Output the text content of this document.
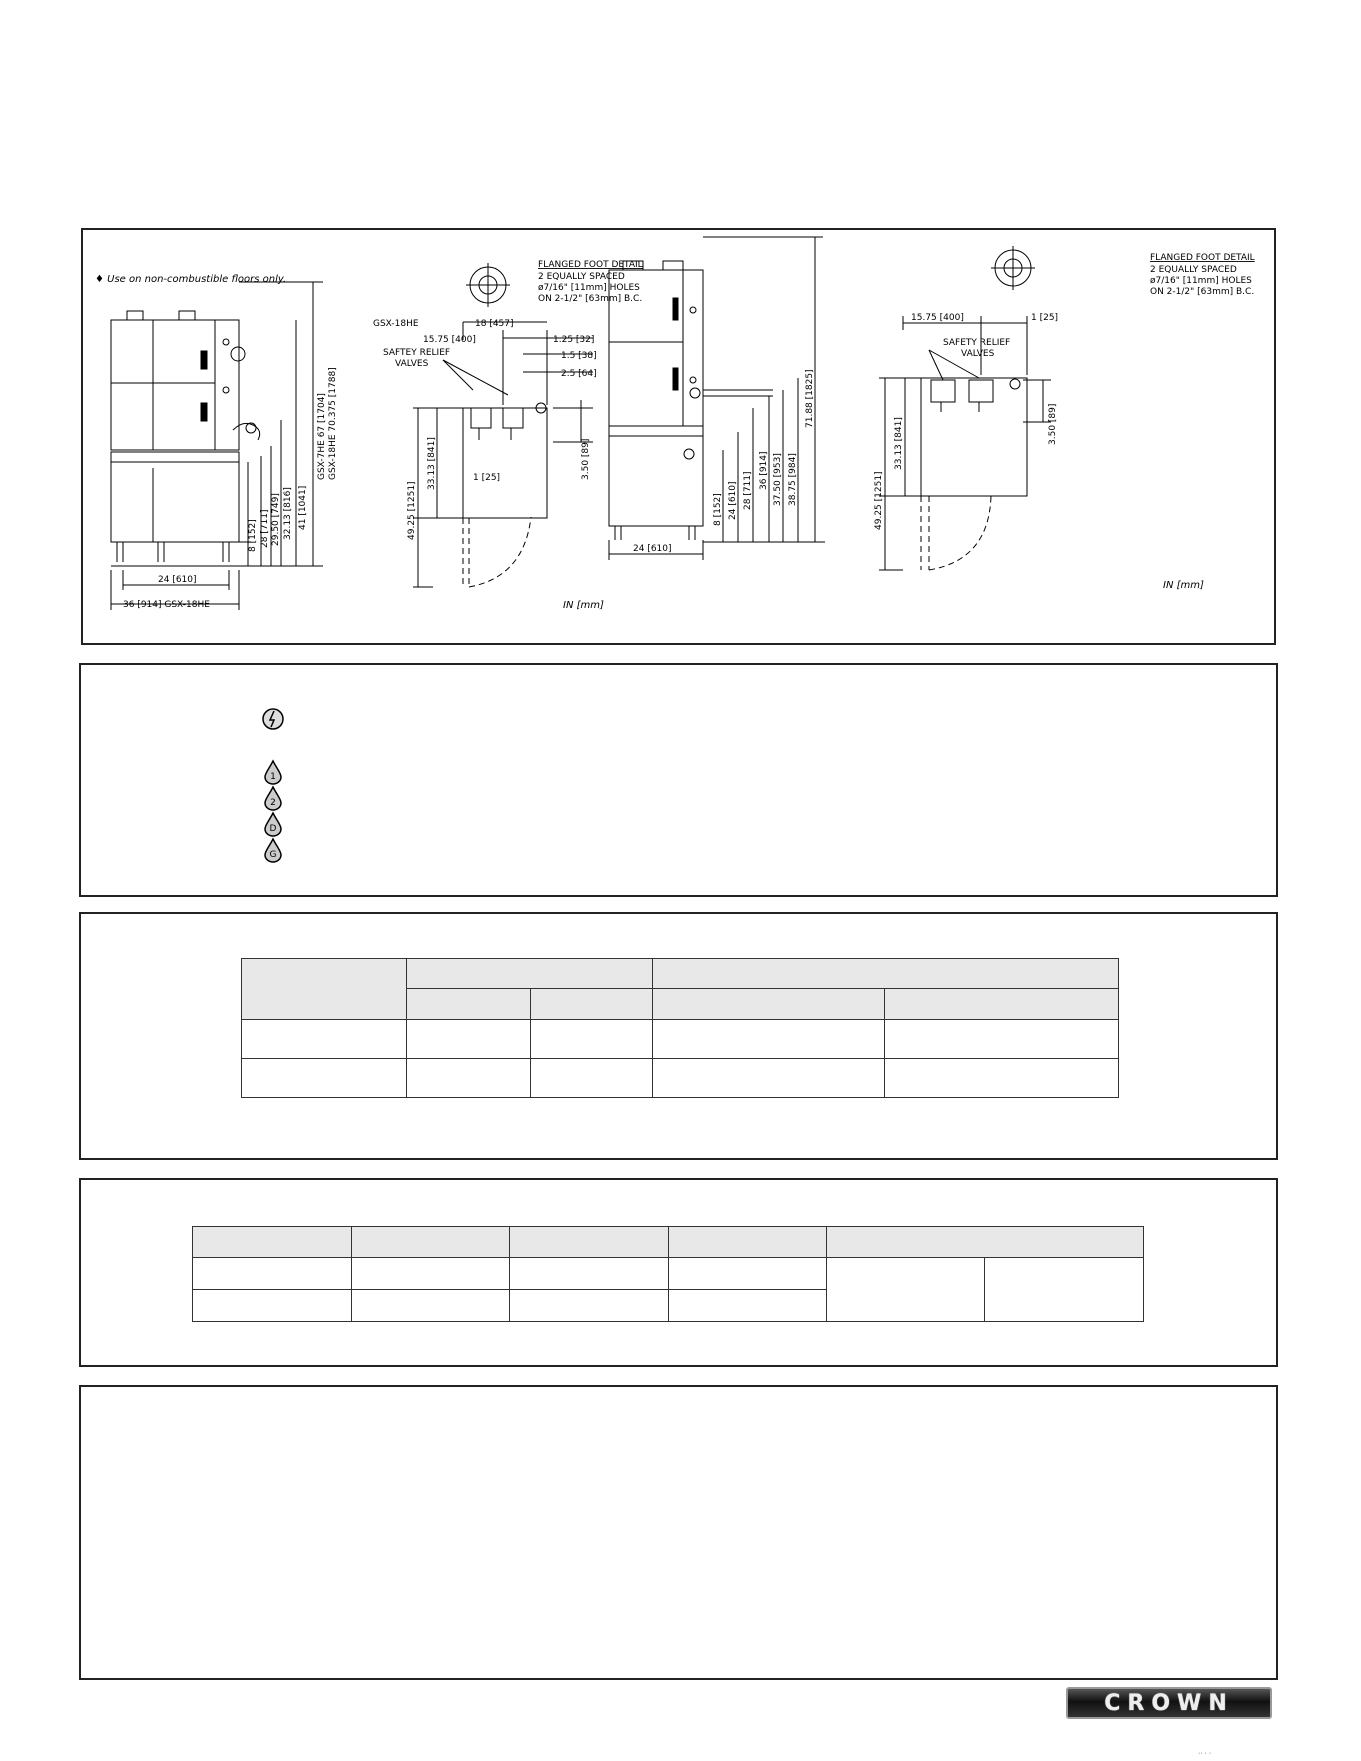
♦ Use on non-combustible floors only.
IN [mm]
IN [mm]
FLANGED FOOT DETAIL
2 EQUALLY SPACED
ø7/16" [11mm] HOLES
ON 2-1/2" [63mm] B.C.
FLANGED FOOT DETAIL
2 EQUALLY SPACED
ø7/16" [11mm] HOLES
ON 2-1/2" [63mm] B.C.
SAFTEY RELIEF
VALVES
SAFETY RELIEF
VALVES
GSX-7HE 67 [1704] GSX-18HE 70.375 [1788]
41 [1041]
32.13 [816]
29.50 [749]
28 [711]
8 [152]
24 [610]
36 [914] GSX-18HE
GSX-18HE	18 [457]
15.75 [400]	1.25 [32]
1.5 [38]
2.5 [64]
1 [25]	3.50 [89]
49.25 [1251]
33.13 [841]
71.88 [1825]
38.75 [984]
37.50 [953]
36 [914]
28 [711]
24 [610]
8 [152]
24 [610]
15.75 [400]	1 [25]
3.50 [89]
49.25 [1251]
33.13 [841]
1
2
D
G

CROWN
·· · ·
